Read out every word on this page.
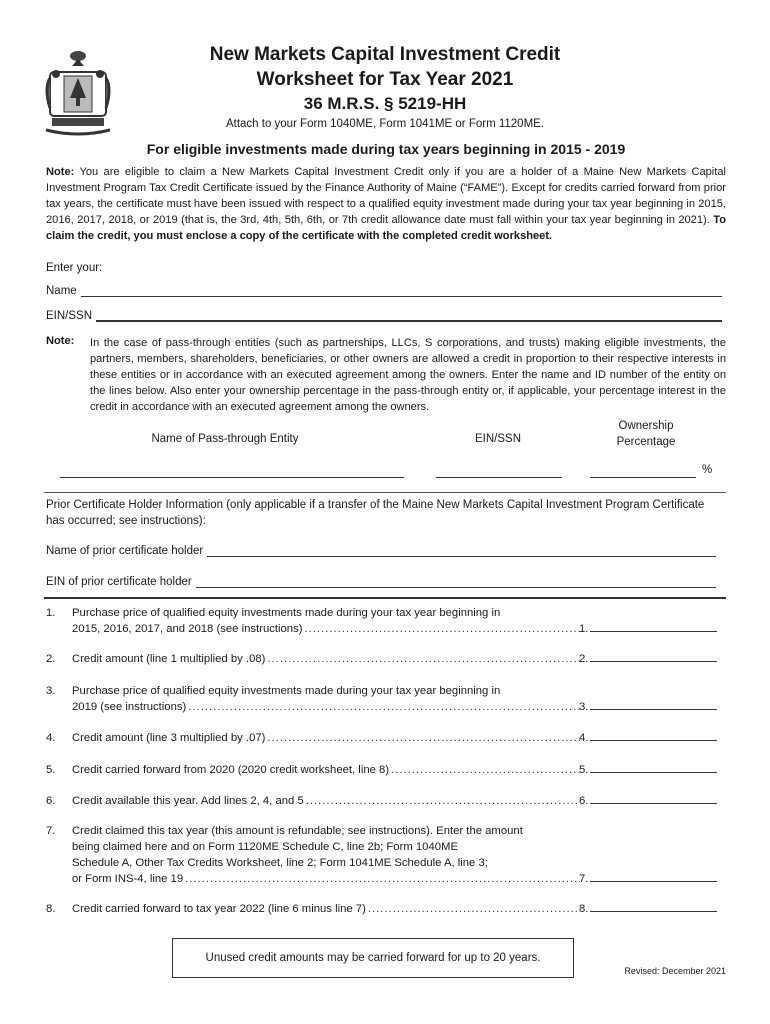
New Markets Capital Investment Credit
Worksheet for Tax Year 2021
36 M.R.S. § 5219-HH
Attach to your Form 1040ME, Form 1041ME or Form 1120ME.
For eligible investments made during tax years beginning in 2015 - 2019
Note: You are eligible to claim a New Markets Capital Investment Credit only if you are a holder of a Maine New Markets Capital Investment Program Tax Credit Certificate issued by the Finance Authority of Maine (“FAME”). Except for credits carried forward from prior tax years, the certificate must have been issued with respect to a qualified equity investment made during your tax year beginning in 2015, 2016, 2017, 2018, or 2019 (that is, the 3rd, 4th, 5th, 6th, or 7th credit allowance date must fall within your tax year beginning in 2021). To claim the credit, you must enclose a copy of the certificate with the completed credit worksheet.
Enter your:
Name
EIN/SSN
Note: In the case of pass-through entities (such as partnerships, LLCs, S corporations, and trusts) making eligible investments, the partners, members, shareholders, beneficiaries, or other owners are allowed a credit in proportion to their respective interests in these entities or in accordance with an executed agreement among the owners. Enter the name and ID number of the entity on the lines below. Also enter your ownership percentage in the pass-through entity or, if applicable, your percentage interest in the credit in accordance with an executed agreement among the owners.
Name of Pass-through Entity	EIN/SSN
Ownership
Percentage
%
Prior Certificate Holder Information (only applicable if a transfer of the Maine New Markets Capital Investment Program Certificate has occurred; see instructions):
Name of prior certificate holder
EIN of prior certificate holder
1. Purchase price of qualified equity investments made during your tax year beginning in
2015, 2016, 2017, and 2018 (see instructions) .....	1.
2. Credit amount (line 1 multiplied by .08) .....	2.
3. Purchase price of qualified equity investments made during your tax year beginning in
2019 (see instructions) .....	3.
4. Credit amount (line 3 multiplied by .07) .....	4.
5. Credit carried forward from 2020 (2020 credit worksheet, line 8) .....	5.
6. Credit available this year. Add lines 2, 4, and 5 .....	6.
7. Credit claimed this tax year (this amount is refundable; see instructions). Enter the amount
being claimed here and on Form 1120ME Schedule C, line 2b; Form 1040ME
Schedule A, Other Tax Credits Worksheet, line 2; Form 1041ME Schedule A, line 3;
or Form INS-4, line 19 .....	7.
8. Credit carried forward to tax year 2022 (line 6 minus line 7) .....	8.
Unused credit amounts may be carried forward for up to 20 years.
Revised: December 2021
